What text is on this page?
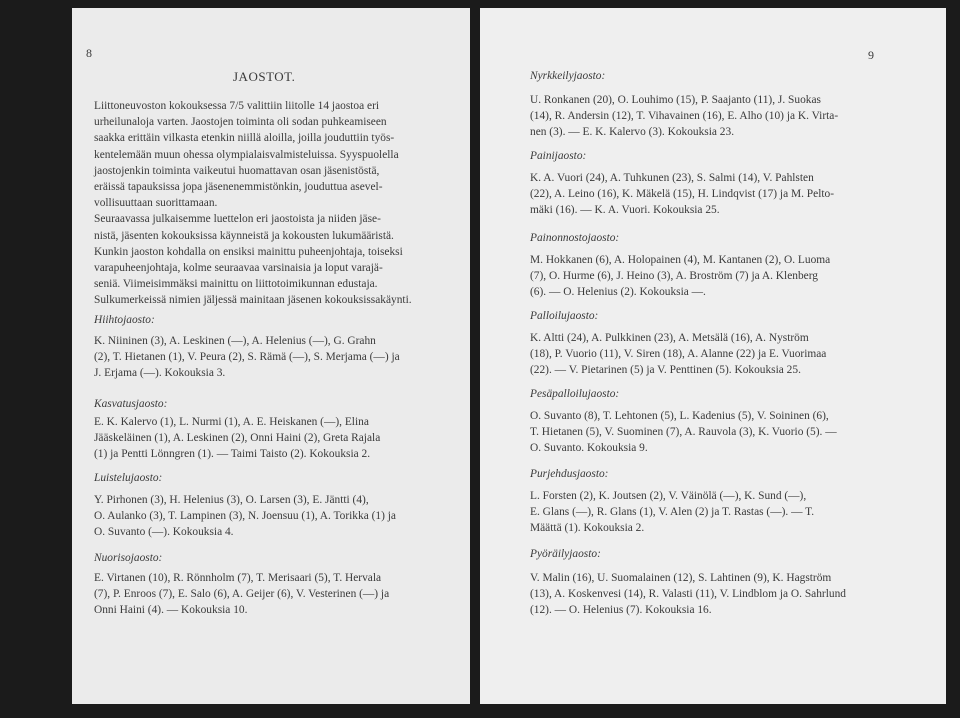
8
JAOSTOT.
Liittoneuvoston kokouksessa 7/5 valittiin liitolle 14 jaostoa eri
urheilunaloja varten. Jaostojen toiminta oli sodan puhkeamiseen
saakka erittäin vilkasta etenkin niillä aloilla, joilla jouduttiin työs-
kentelemään muun ohessa olympialaisvalmisteluissa. Syyspuolella
jaostojenkin toiminta vaikeutui huomattavan osan jäsenistöstä,
eräissä tapauksissa jopa jäsenenemmistönkin, jouduttua asevel-
vollisuuttaan suorittamaan.
Seuraavassa julkaisemme luettelon eri jaostoista ja niiden jäse-
nistä, jäsenten kokouksissa käynneistä ja kokousten lukumääristä.
Kunkin jaoston kohdalla on ensiksi mainittu puheenjohtaja, toiseksi
varapuheenjohtaja, kolme seuraavaa varsinaisia ja loput varajä-
seniä. Viimeisimmäksi mainittu on liittotoimikunnan edustaja.
Sulkumerkeissä nimien jäljessä mainitaan jäsenen kokouksissakäynti.
Hiihtojaosto:
K. Niininen (3), A. Leskinen (—), A. Helenius (—), G. Grahn
(2), T. Hietanen (1), V. Peura (2), S. Rämä (—), S. Merjama (—) ja
J. Erjama (—). Kokouksia 3.
Kasvatusjaosto:
E. K. Kalervo (1), L. Nurmi (1), A. E. Heiskanen (—), Elina
Jääskeläinen (1), A. Leskinen (2), Onni Haini (2), Greta Rajala
(1) ja Pentti Lönngren (1). — Taimi Taisto (2). Kokouksia 2.
Luistelujaosto:
Y. Pirhonen (3), H. Helenius (3), O. Larsen (3), E. Jäntti (4),
O. Aulanko (3), T. Lampinen (3), N. Joensuu (1), A. Torikka (1) ja
O. Suvanto (—). Kokouksia 4.
Nuorisojaosto:
E. Virtanen (10), R. Rönnholm (7), T. Merisaari (5), T. Hervala
(7), P. Enroos (7), E. Salo (6), A. Geijer (6), V. Vesterinen (—) ja
Onni Haini (4). — Kokouksia 10.
9
Nyrkkeilyjaosto:
U. Ronkanen (20), O. Louhimo (15), P. Saajanto (11), J. Suokas
(14), R. Andersin (12), T. Vihavainen (16), E. Alho (10) ja K. Virta-
nen (3). — E. K. Kalervo (3). Kokouksia 23.
Painijaosto:
K. A. Vuori (24), A. Tuhkunen (23), S. Salmi (14), V. Pahlsten
(22), A. Leino (16), K. Mäkelä (15), H. Lindqvist (17) ja M. Pelto-
mäki (16). — K. A. Vuori. Kokouksia 25.
Painonnostojaosto:
M. Hokkanen (6), A. Holopainen (4), M. Kantanen (2), O. Luoma
(7), O. Hurme (6), J. Heino (3), A. Broström (7) ja A. Klenberg
(6). — O. Helenius (2). Kokouksia —.
Palloilujaosto:
K. Altti (24), A. Pulkkinen (23), A. Metsälä (16), A. Nyström
(18), P. Vuorio (11), V. Siren (18), A. Alanne (22) ja E. Vuorimaa
(22). — V. Pietarinen (5) ja V. Penttinen (5). Kokouksia 25.
Pesäpalloilujaosto:
O. Suvanto (8), T. Lehtonen (5), L. Kadenius (5), V. Soininen (6),
T. Hietanen (5), V. Suominen (7), A. Rauvola (3), K. Vuorio (5). —
O. Suvanto. Kokouksia 9.
Purjehdusjaosto:
L. Forsten (2), K. Joutsen (2), V. Väinölä (—), K. Sund (—),
E. Glans (—), R. Glans (1), V. Alen (2) ja T. Rastas (—). — T.
Määttä (1). Kokouksia 2.
Pyöräilyjaosto:
V. Malin (16), U. Suomalainen (12), S. Lahtinen (9), K. Hagström
(13), A. Koskenvesi (14), R. Valasti (11), V. Lindblom ja O. Sahrlund
(12). — O. Helenius (7). Kokouksia 16.
